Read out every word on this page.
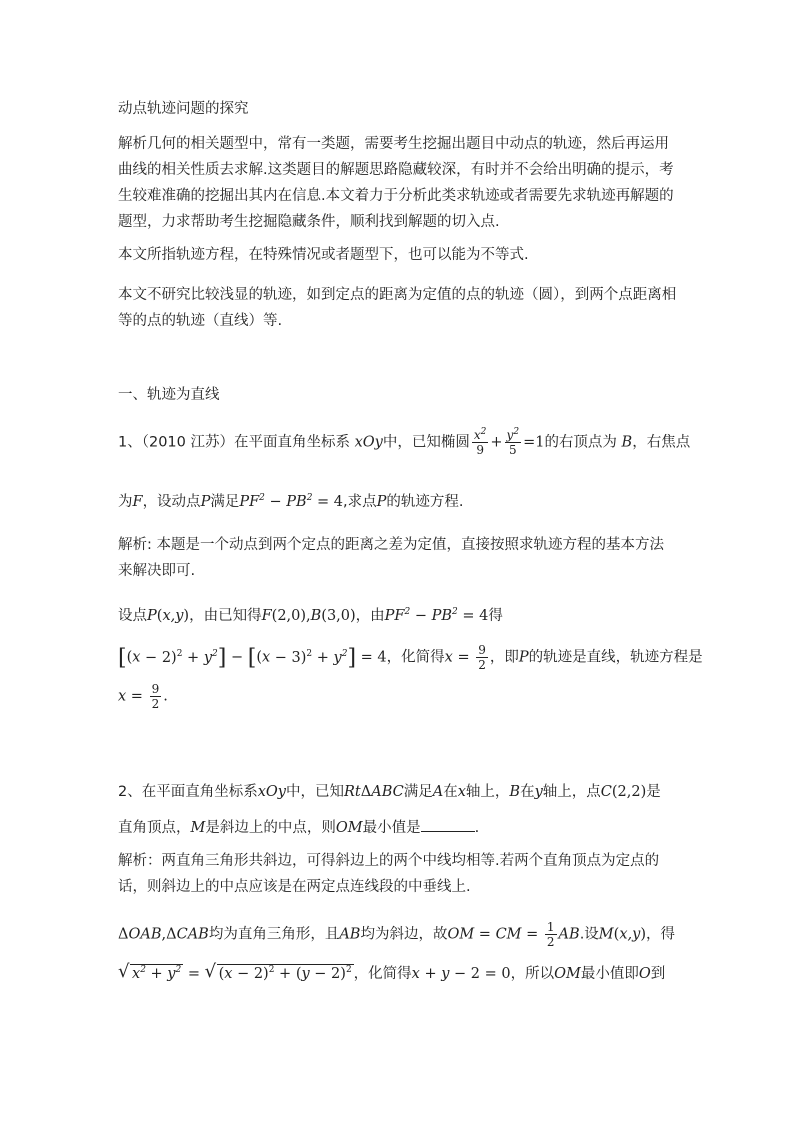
动点轨迹问题的探究
解析几何的相关题型中，常有一类题，需要考生挖掘出题目中动点的轨迹，然后再运用曲线的相关性质去求解.这类题目的解题思路隐藏较深，有时并不会给出明确的提示，考生较难准确的挖掘出其内在信息.本文着力于分析此类求轨迹或者需要先求轨迹再解题的题型，力求帮助考生挖掘隐藏条件，顺利找到解题的切入点.
本文所指轨迹方程，在特殊情况或者题型下，也可以能为不等式.
本文不研究比较浅显的轨迹，如到定点的距离为定值的点的轨迹（圆），到两个点距离相等的点的轨迹（直线）等.
一、轨迹为直线
1、（2010 江苏）在平面直角坐标系 xOy中，已知椭圆 $\frac{x^2}{9} + \frac{y^2}{5} =1$的右顶点为 B，右焦点
为F，设动点P满足$PF^2 - PB^2 = 4$,求点P的轨迹方程.
解析: 本题是一个动点到两个定点的距离之差为定值，直接按照求轨迹方程的基本方法来解决即可.
设点P(x,y)，由已知得F(2,0),B(3,0)，由$PF^2 - PB^2 = 4$得
$[(x - 2)^2 + y^2] - [(x - 3)^2 + y^2] = 4$，化简得$x = \frac{9}{2}$ ，即P的轨迹是直线，轨迹方程是
$x = \frac{9}{2}$ .
2、在平面直角坐标系xOy中，已知RtΔABC满足A在x轴上，B在y轴上，点C(2,2)是
直角顶点，M是斜边上的中点，则OM最小值是	.
解析：两直角三角形共斜边，可得斜边上的两个中线均相等.若两个直角顶点为定点的话，则斜边上的中点应该是在两定点连线段的中垂线上.
ΔOAB,ΔCAB均为直角三角形，且AB均为斜边，故OM = CM = $\frac{1}{2}$ AB.设M(x,y)，得
√ $x^2 + y^2$ = √ $(x - 2)^2 + (y - 2)^2$ ，化简得x + y − 2 = 0，所以OM最小值即O到
